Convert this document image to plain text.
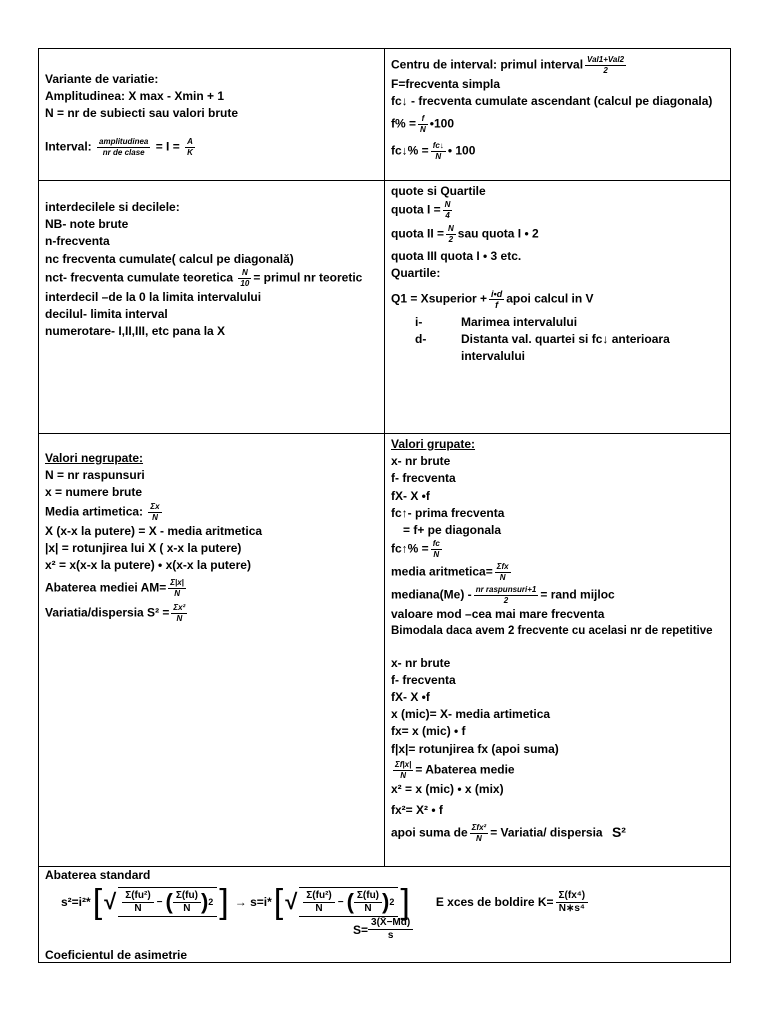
Variante de variatie:
Amplitudinea: X max - Xmin + 1
N = nr de subiecti sau valori brute
Interval: $\frac{\text{amplitudinea}}{\text{nr de clase}} = I = \frac{A}{K}$
Centru de interval: primul interval $\frac{\text{Val1+Val2}}{2}$
F=frecventa simpla
fc↓ - frecventa cumulate ascendant (calcul pe diagonala)
$f\% = \frac{f}{N}$ •100
fc↓% = $\frac{fc↓}{N}$ • 100
interdecilele si decilele:
NB- note brute
n-frecventa
nc frecventa cumulate( calcul pe diagonală)
nct- frecventa cumulate teoretica $\frac{N}{10}$ = primul nr teoretic
interdecil –de la 0 la limita intervalului
decilul- limita interval
numerotare- I,II,III, etc pana la X
quote si Quartile
quota $I = \frac{N}{4}$
quota II = $\frac{N}{2}$ sau quota I • 2
quota III quota I • 3 etc.
Quartile:
Q1 = Xsuperior + $\frac{i•d}{f}$ apoi calcul in V
i-	Marimea intervalului
d-	Distanta val. quartei si fc↓ anterioara
intervalului
Valori negrupate:
N = nr raspunsuri
x = numere brute
Media artimetica: $\frac{\Sigma x}{N}$
X (x-x la putere) = X - media aritmetica
|x| = rotunjirea lui X ( x-x la putere)
x² = x(x-x la putere) • x(x-x la putere)
Abaterea mediei $AM= \frac{\Sigma|x|}{N}$
Variatia/dispersia $S^2 = \frac{\text{Σx²}}{N}$
Valori grupate:
x- nr brute
f- frecventa
fX- X •f
fc↑- prima frecventa
= f+ pe diagonala
fc↑% = $\frac{fc}{N}$
media aritmetica= $\frac{\text{Σfx}}{N}$
mediana(Me) - $\frac{\text{nr raspunsuri+1}}{2}$ = rand mijloc
valoare mod –cea mai mare frecventa
Bimodala daca avem 2 frecvente cu acelasi nr de repetitive
x- nr brute
f- frecventa
fX- X •f
x (mic)= X- media artimetica
fx= x (mic) • f
f|x|= rotunjirea fx (apoi suma)
$\frac{\Sigma f|x|}{N}$ = Abaterea medie
x² = x (mic) • x (mix)
fx²= X² • f
apoi suma de $\frac{\text{Σfx²}}{N}$ = Variatia/ dispersia S²
Abaterea standard
s²=i²* [ √ $\frac{\text{Σ(fu²)}}{N}$ − ( $\frac{\Sigma(fu)}{N}$ ) 2 ] → s=i* [ √ $\frac{\text{Σ(fu²)}}{N}$ − ( $\frac{\Sigma(fu)}{N}$ ) 2 ] E xces de boldire $K= \frac{\text{Σ(fx⁴)}}{\text{N∗s⁴}}$
Coeficientul de asimetrie
$S= \frac{3(X̄-Md)}{s}$
